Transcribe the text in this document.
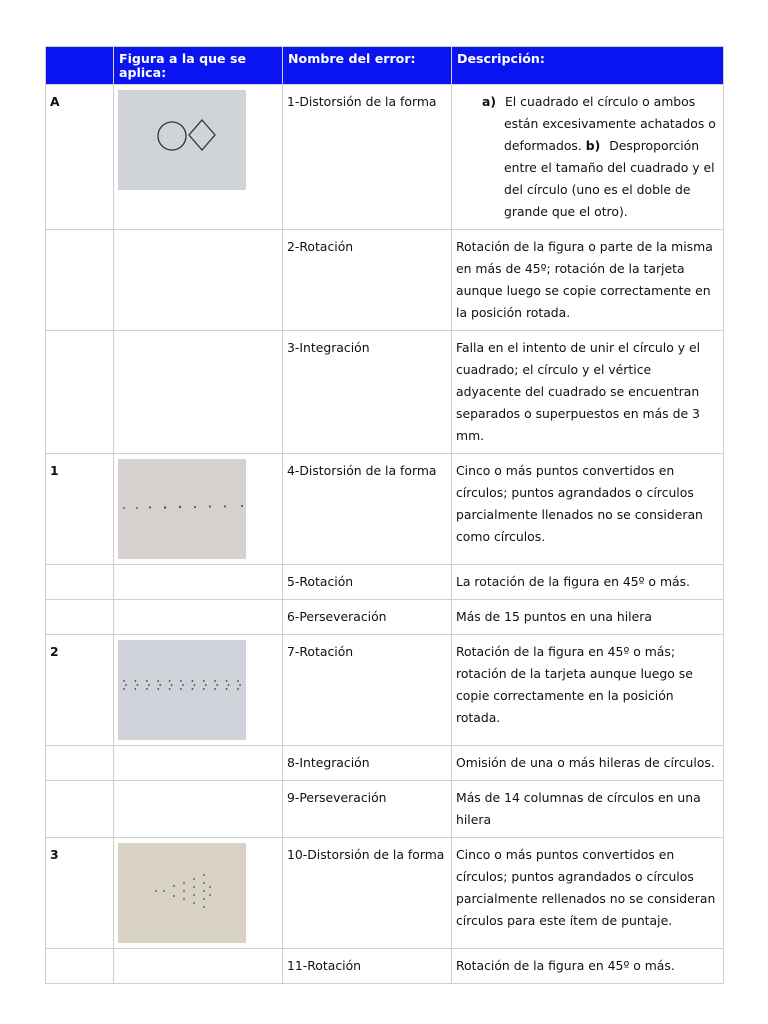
	Figura a la que se aplica:	Nombre del error:	Descripción:
A		1-Distorsión de la forma	a) El cuadrado el círculo o ambos están excesivamente achatados o deformados. b) Desproporción entre el tamaño del cuadrado y el del círculo (uno es el doble de grande que el otro).

		2-Rotación	Rotación de la figura o parte de la misma en más de 45º; rotación de la tarjeta aunque luego se copie correctamente en la posición rotada.
		3-Integración	Falla en el intento de unir el círculo y el cuadrado; el círculo y el vértice adyacente del cuadrado se encuentran separados o superpuestos en más de 3 mm.
1		4-Distorsión de la forma	Cinco o más puntos convertidos en círculos; puntos agrandados o círculos parcialmente llenados no se consideran como círculos.
		5-Rotación	La rotación de la figura en 45º o más.
		6-Perseveración	Más de 15 puntos en una hilera
2		7-Rotación	Rotación de la figura en 45º o más; rotación de la tarjeta aunque luego se copie correctamente en la posición rotada.
		8-Integración	Omisión de una o más hileras de círculos.
		9-Perseveración	Más de 14 columnas de círculos en una hilera
3		10-Distorsión de la forma	Cinco o más puntos convertidos en círculos; puntos agrandados o círculos parcialmente rellenados no se consideran círculos para este ítem de puntaje.
		11-Rotación	Rotación de la figura en 45º o más.
